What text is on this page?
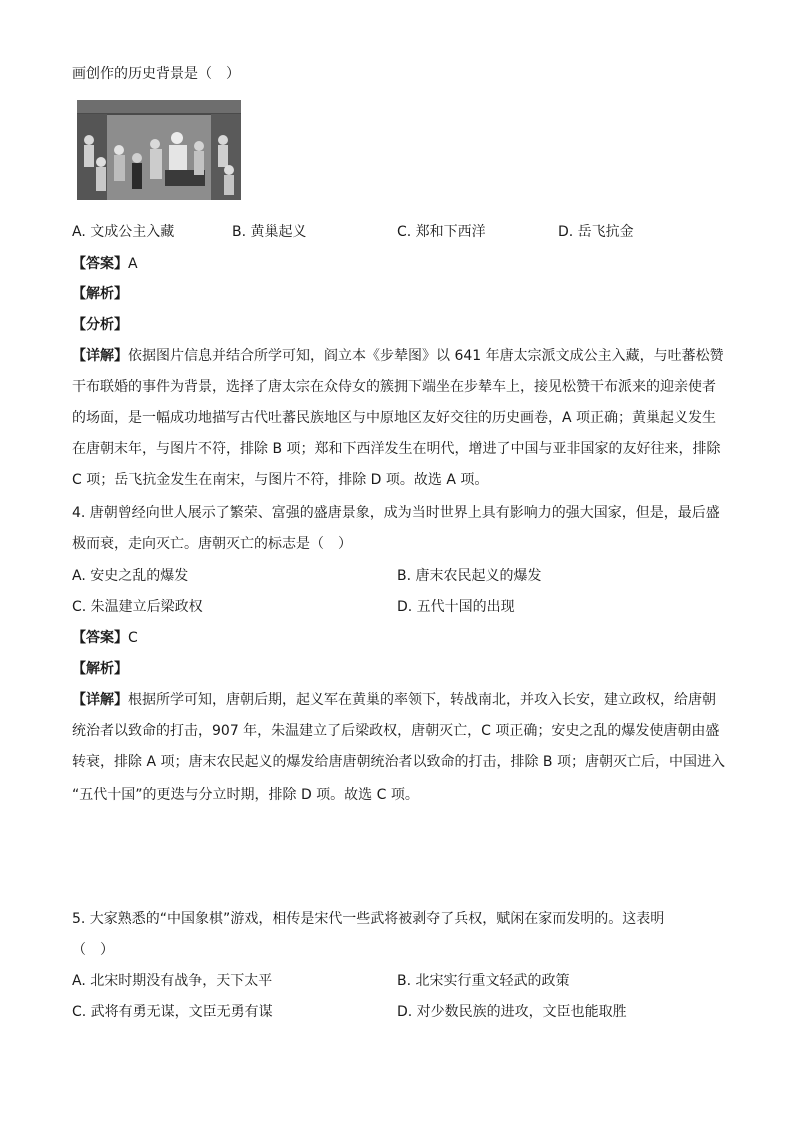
画创作的历史背景是（　）
A. 文成公主入藏	B. 黄巢起义	C. 郑和下西洋	D. 岳飞抗金
【答案】A
【解析】
【分析】
【详解】依据图片信息并结合所学可知，阎立本《步辇图》以 641 年唐太宗派文成公主入藏，与吐蕃松赞
干布联婚的事件为背景，选择了唐太宗在众侍女的簇拥下端坐在步辇车上，接见松赞干布派来的迎亲使者
的场面，是一幅成功地描写古代吐蕃民族地区与中原地区友好交往的历史画卷，A 项正确；黄巢起义发生
在唐朝末年，与图片不符，排除 B 项；郑和下西洋发生在明代，增进了中国与亚非国家的友好往来，排除
C 项；岳飞抗金发生在南宋，与图片不符，排除 D 项。故选 A 项。
4. 唐朝曾经向世人展示了繁荣、富强的盛唐景象，成为当时世界上具有影响力的强大国家，但是，最后盛
极而衰，走向灭亡。唐朝灭亡的标志是（　）
A. 安史之乱的爆发	B. 唐末农民起义的爆发
C. 朱温建立后梁政权	D. 五代十国的出现
【答案】C
【解析】
【详解】根据所学可知，唐朝后期，起义军在黄巢的率领下，转战南北，并攻入长安，建立政权，给唐朝
统治者以致命的打击，907 年，朱温建立了后梁政权，唐朝灭亡，C 项正确；安史之乱的爆发使唐朝由盛
转衰，排除 A 项；唐末农民起义的爆发给唐唐朝统治者以致命的打击，排除 B 项；唐朝灭亡后，中国进入
“五代十国”的更迭与分立时期，排除 D 项。故选 C 项。
5. 大家熟悉的“中国象棋”游戏，相传是宋代一些武将被剥夺了兵权，赋闲在家而发明的。这表明
（　）
A. 北宋时期没有战争，天下太平	B. 北宋实行重文轻武的政策
C. 武将有勇无谋，文臣无勇有谋	D. 对少数民族的进攻，文臣也能取胜
